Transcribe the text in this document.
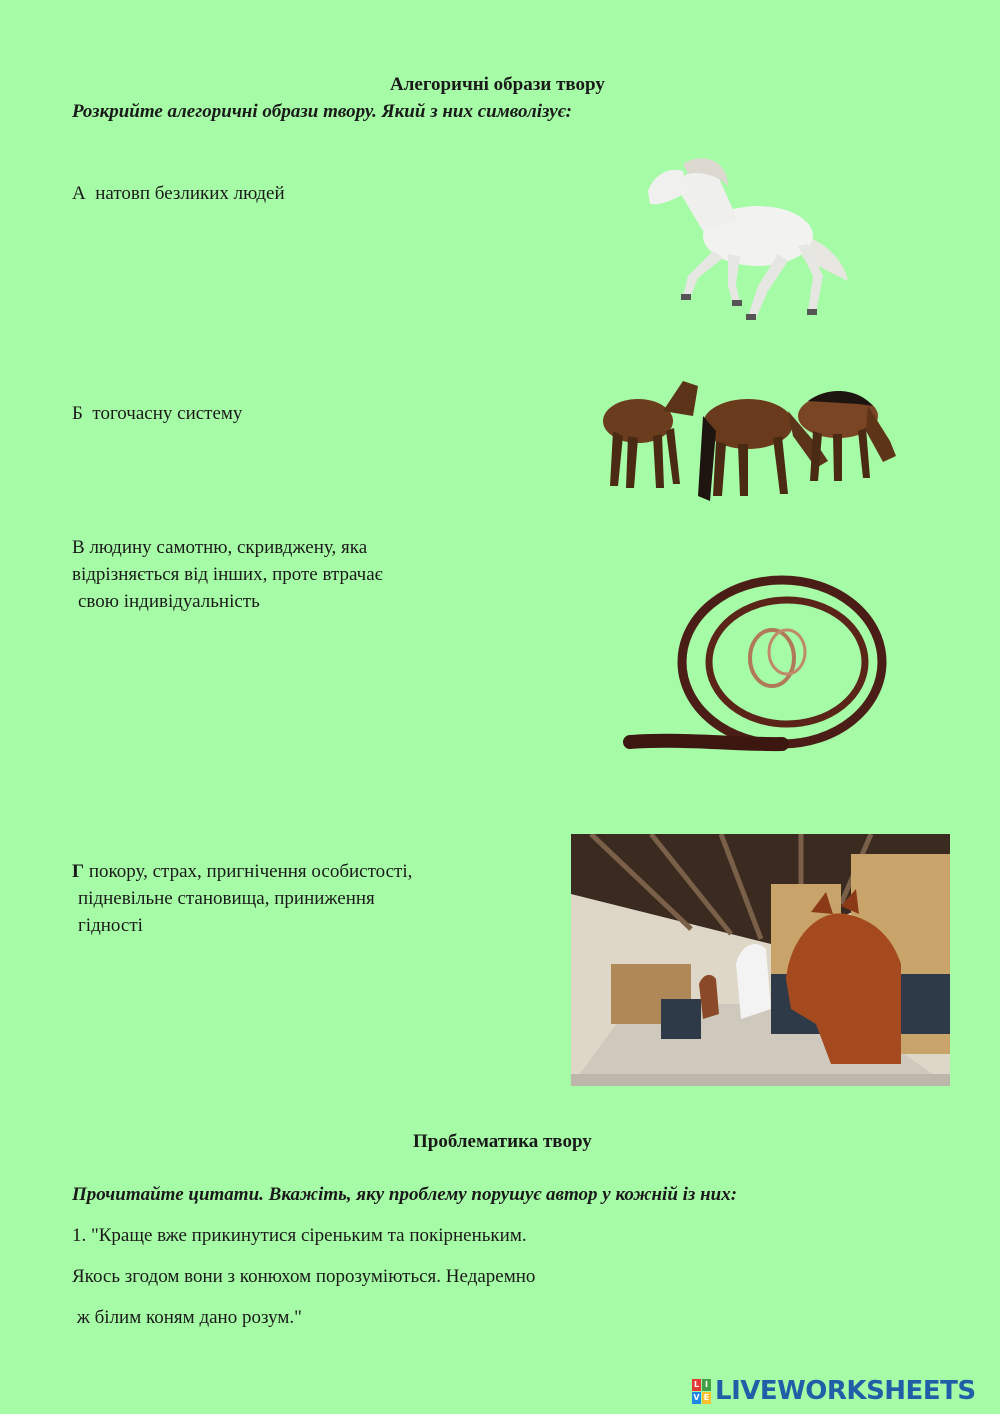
Алегоричні образи твору
Розкрийте алегоричні образи твору. Який з них символізує:
А натовп безликих людей
Б тогочасну систему
В людину самотню, скривджену, яка
відрізняється від інших, проте втрачає
свою індивідуальність
Г покору, страх, пригнічення особистості,
підневільне становища, приниження
гідності
Проблематика твору
Прочитайте цитати. Вкажіть, яку проблему порушує автор у кожній із них:
1. "Краще вже прикинутися сіреньким та покірненьким.
Якось згодом вони з конюхом порозуміються. Недаремно
ж білим коням дано розум."
L I
V E LIVEWORKSHEETS
